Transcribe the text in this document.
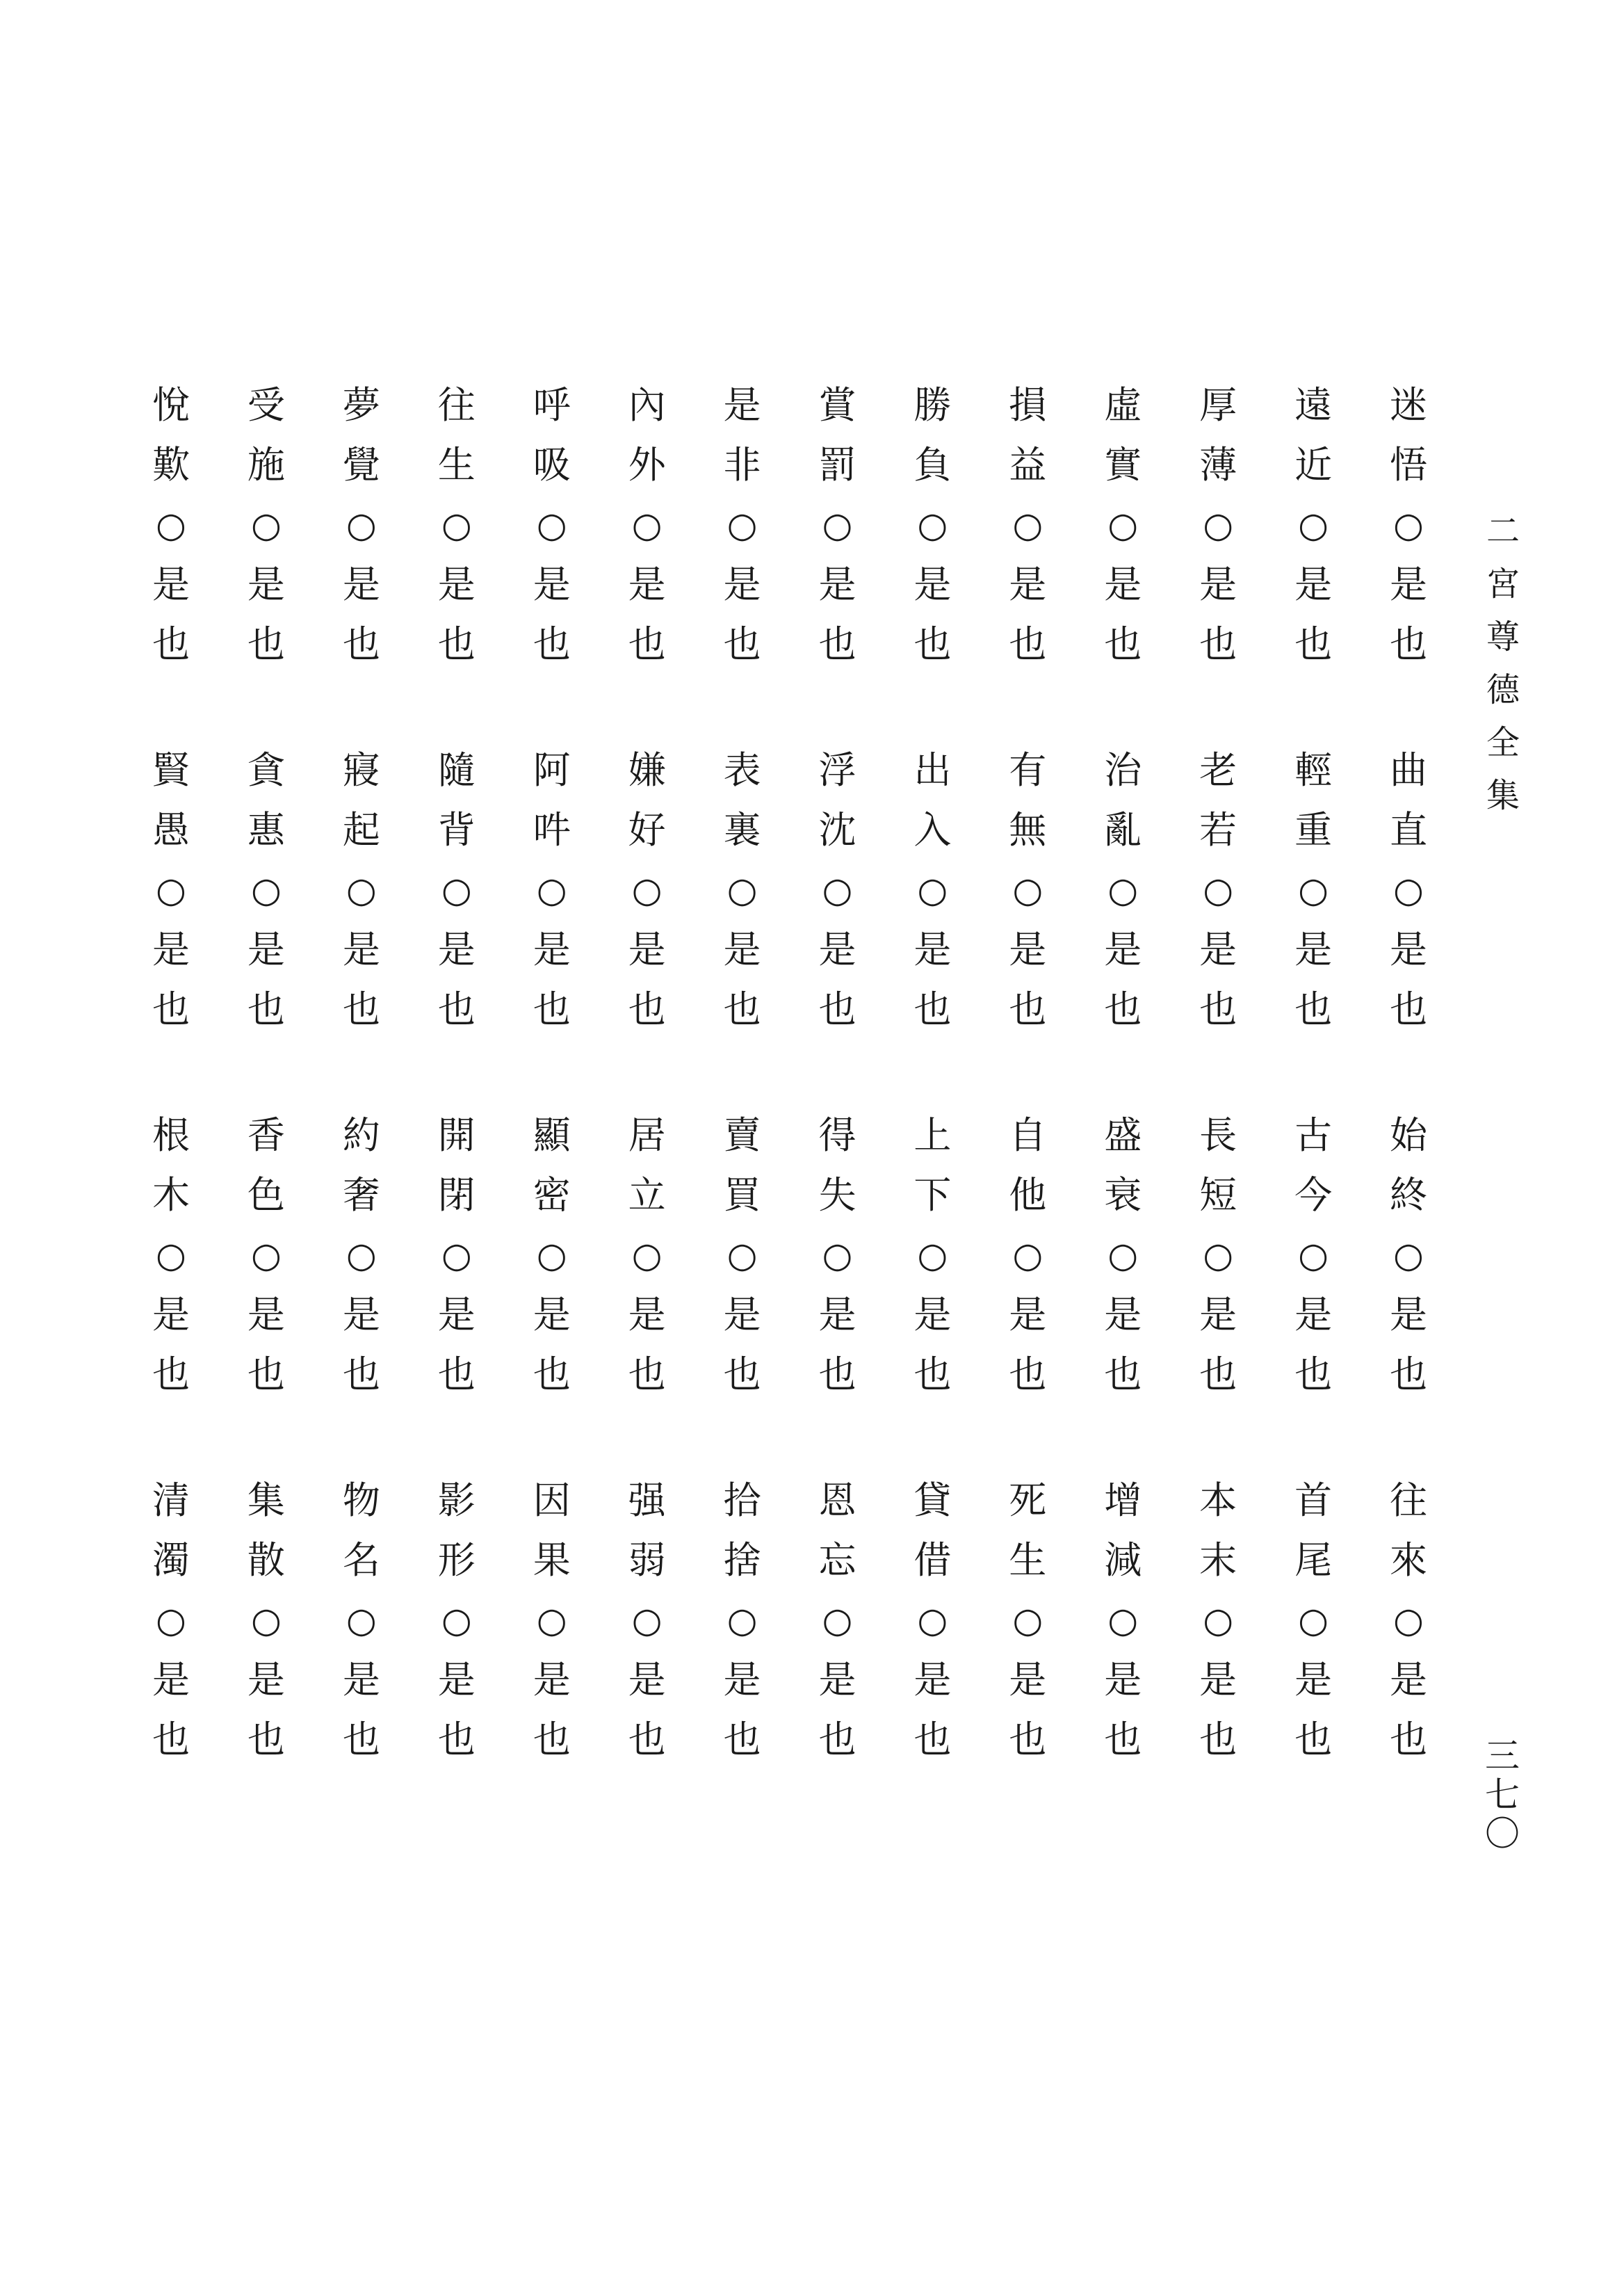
二
宮
尊
德
全
集
三
七
〇
迷
悟
○
是
也
遠
近
○
是
也
厚
薄
○
是
也
虛
實
○
是
也
損
益
○
是
也
勝
負
○
是
也
賞
罰
○
是
也
是
非
○
是
也
內
外
○
是
也
呼
吸
○
是
也
往
生
○
是
也
夢
覺
○
是
也
受
施
○
是
也
悅
歎
○
是
也
曲
直
○
是
也
輕
重
○
是
也
老
若
○
是
也
治
亂
○
是
也
有
無
○
是
也
出
入
○
是
也
浮
沈
○
是
也
表
裏
○
是
也
嫌
好
○
是
也
阿
吽
○
是
也
隨
背
○
是
也
寢
起
○
是
也
貪
惠
○
是
也
賢
愚
○
是
也
始
終
○
是
也
古
今
○
是
也
長
短
○
是
也
盛
衰
○
是
也
自
他
○
是
也
上
下
○
是
也
得
失
○
是
也
賣
買
○
是
也
居
立
○
是
也
顯
密
○
是
也
開
閉
○
是
也
約
奢
○
是
也
香
色
○
是
也
根
木
○
是
也
往
來
○
是
也
首
尾
○
是
也
本
末
○
是
也
增
減
○
是
也
死
生
○
是
也
貸
借
○
是
也
恩
忘
○
是
也
拾
捨
○
是
也
强
弱
○
是
也
因
果
○
是
也
影
形
○
是
也
物
名
○
是
也
集
散
○
是
也
清
濁
○
是
也
